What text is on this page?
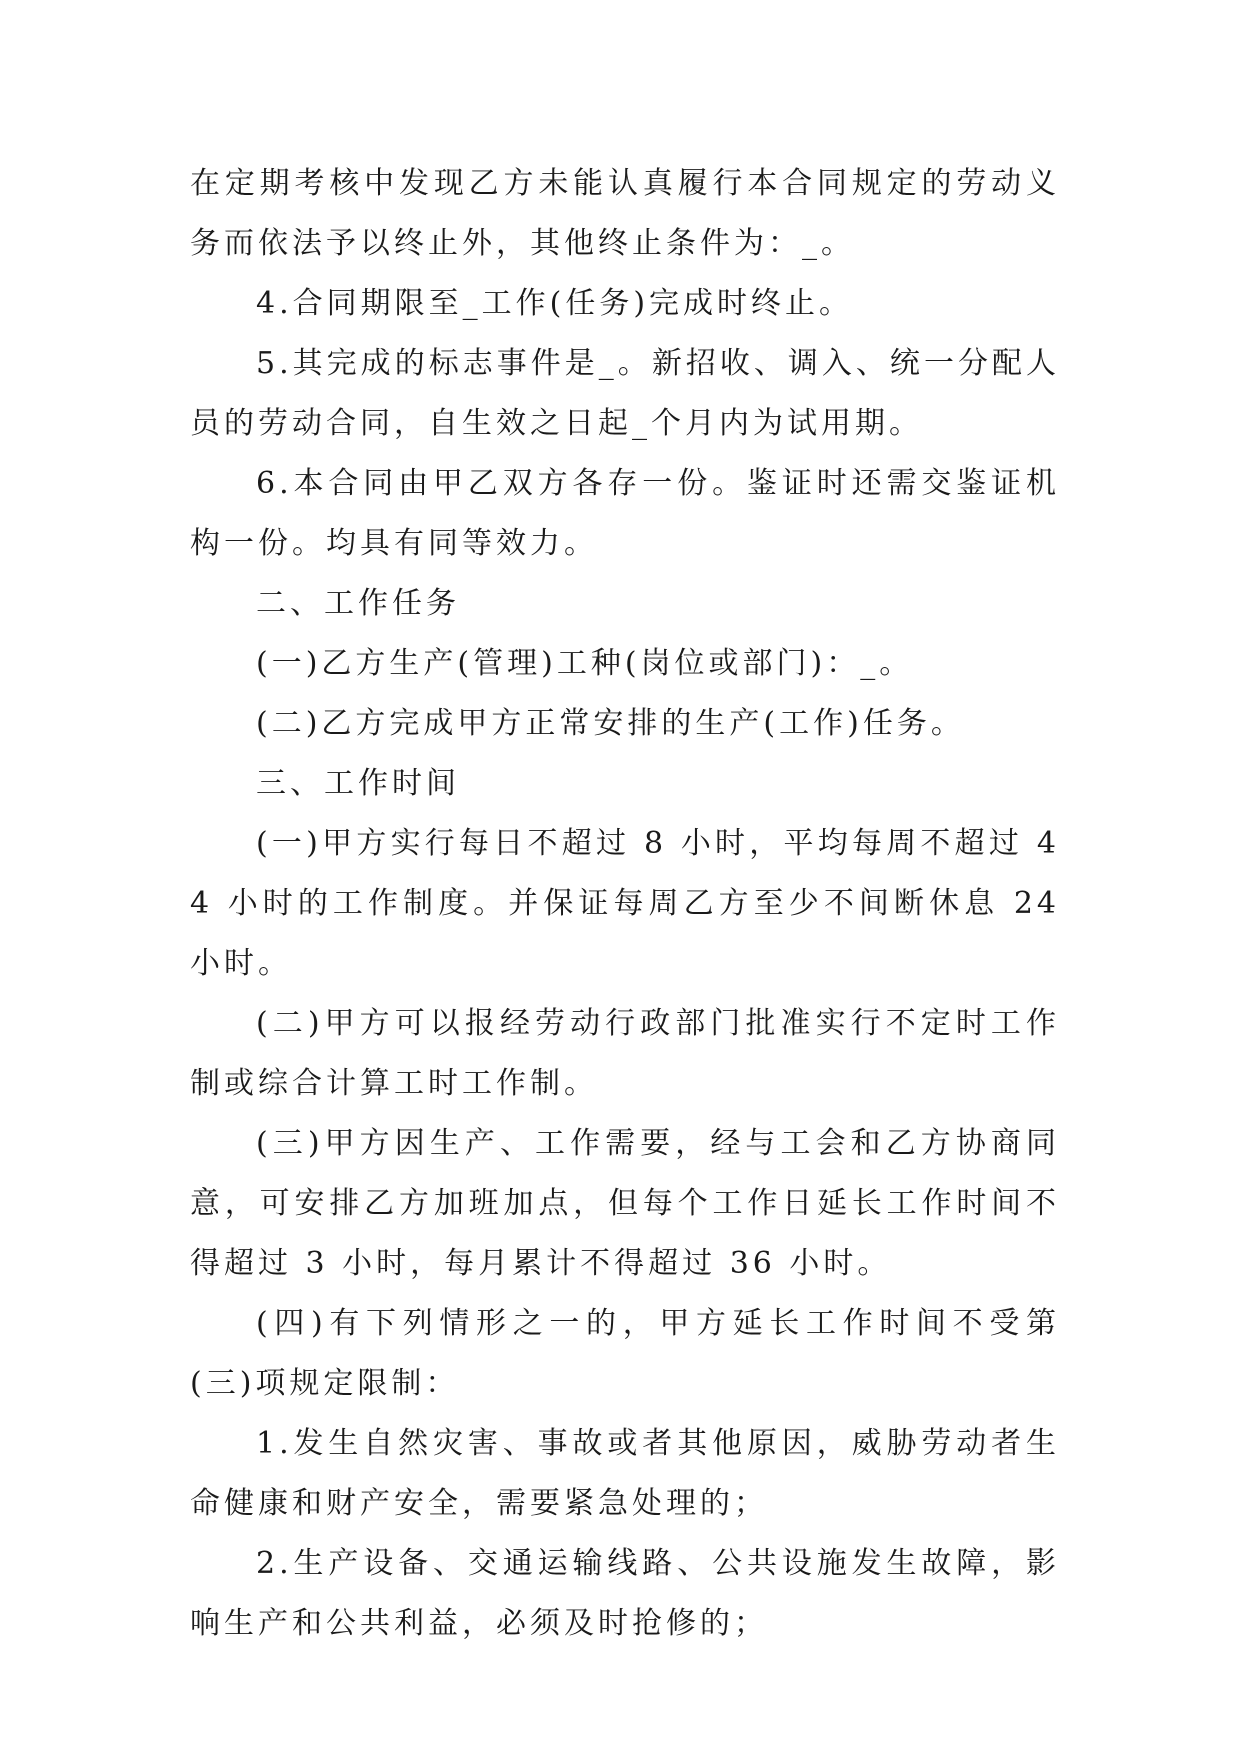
在定期考核中发现乙方未能认真履行本合同规定的劳动义务而依法予以终止外，其他终止条件为：_。

4.合同期限至_工作(任务)完成时终止。

5.其完成的标志事件是_。新招收、调入、统一分配人员的劳动合同，自生效之日起_个月内为试用期。

6.本合同由甲乙双方各存一份。鉴证时还需交鉴证机构一份。均具有同等效力。

二、工作任务

(一)乙方生产(管理)工种(岗位或部门)：_。

(二)乙方完成甲方正常安排的生产(工作)任务。

三、工作时间

(一)甲方实行每日不超过 8 小时，平均每周不超过 44 小时的工作制度。并保证每周乙方至少不间断休息 24 小时。

(二)甲方可以报经劳动行政部门批准实行不定时工作制或综合计算工时工作制。

(三)甲方因生产、工作需要，经与工会和乙方协商同意，可安排乙方加班加点，但每个工作日延长工作时间不得超过 3 小时，每月累计不得超过 36 小时。

(四)有下列情形之一的，甲方延长工作时间不受第(三)项规定限制：

1.发生自然灾害、事故或者其他原因，威胁劳动者生命健康和财产安全，需要紧急处理的；

2.生产设备、交通运输线路、公共设施发生故障，影响生产和公共利益，必须及时抢修的；
